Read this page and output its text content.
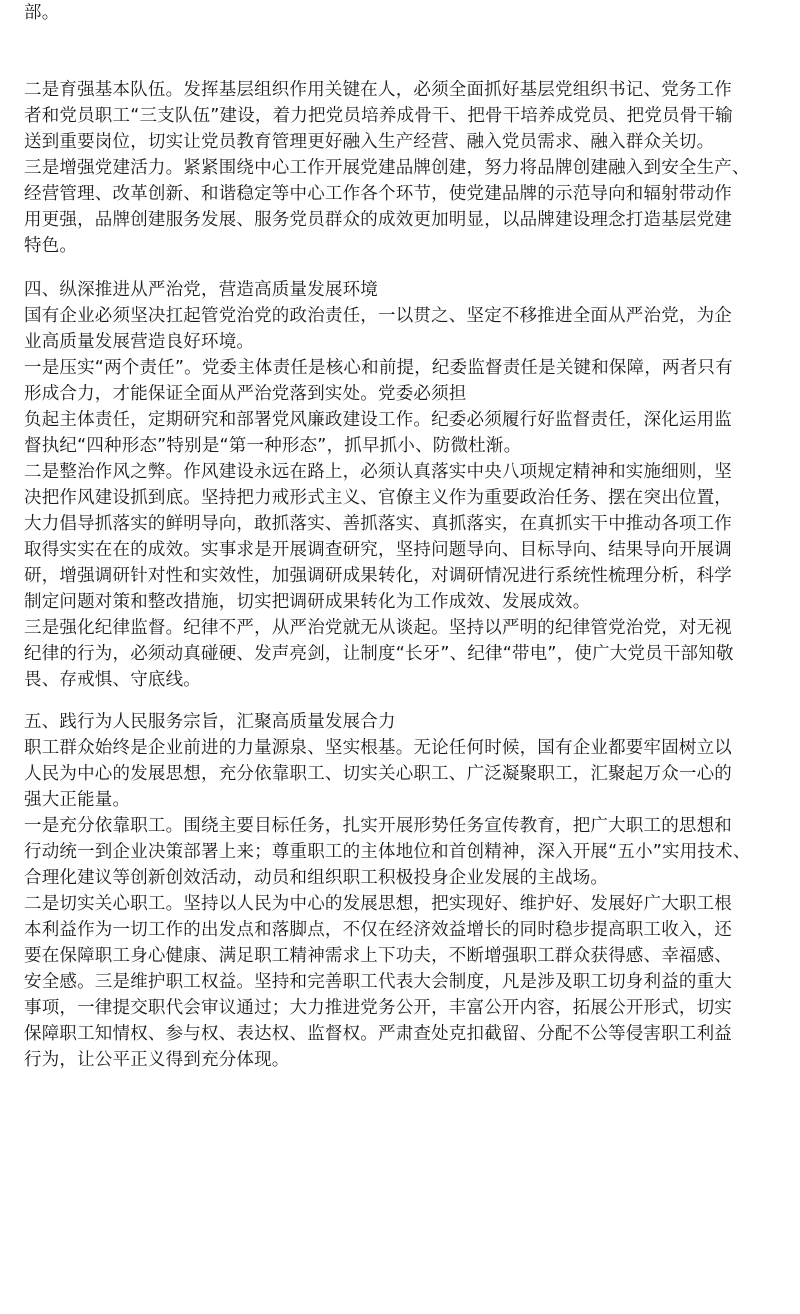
部。
二是育强基本队伍。发挥基层组织作用关键在人，必须全面抓好基层党组织书记、党务工作
者和党员职工“三支队伍”建设，着力把党员培养成骨干、把骨干培养成党员、把党员骨干输
送到重要岗位，切实让党员教育管理更好融入生产经营、融入党员需求、融入群众关切。
三是增强党建活力。紧紧围绕中心工作开展党建品牌创建，努力将品牌创建融入到安全生产、
经营管理、改革创新、和谐稳定等中心工作各个环节，使党建品牌的示范导向和辐射带动作
用更强，品牌创建服务发展、服务党员群众的成效更加明显，以品牌建设理念打造基层党建
特色。
四、纵深推进从严治党，营造高质量发展环境
国有企业必须坚决扛起管党治党的政治责任，一以贯之、坚定不移推进全面从严治党，为企
业高质量发展营造良好环境。
一是压实“两个责任”。党委主体责任是核心和前提，纪委监督责任是关键和保障，两者只有
形成合力，才能保证全面从严治党落到实处。党委必须担
负起主体责任，定期研究和部署党风廉政建设工作。纪委必须履行好监督责任，深化运用监
督执纪“四种形态”特别是“第一种形态”，抓早抓小、防微杜渐。
二是整治作风之弊。作风建设永远在路上，必须认真落实中央八项规定精神和实施细则，坚
决把作风建设抓到底。坚持把力戒形式主义、官僚主义作为重要政治任务、摆在突出位置，
大力倡导抓落实的鲜明导向，敢抓落实、善抓落实、真抓落实，在真抓实干中推动各项工作
取得实实在在的成效。实事求是开展调查研究，坚持问题导向、目标导向、结果导向开展调
研，增强调研针对性和实效性，加强调研成果转化，对调研情况进行系统性梳理分析，科学
制定问题对策和整改措施，切实把调研成果转化为工作成效、发展成效。
三是强化纪律监督。纪律不严，从严治党就无从谈起。坚持以严明的纪律管党治党，对无视
纪律的行为，必须动真碰硬、发声亮剑，让制度“长牙”、纪律“带电”，使广大党员干部知敬
畏、存戒惧、守底线。
五、践行为人民服务宗旨，汇聚高质量发展合力
职工群众始终是企业前进的力量源泉、坚实根基。无论任何时候，国有企业都要牢固树立以
人民为中心的发展思想，充分依靠职工、切实关心职工、广泛凝聚职工，汇聚起万众一心的
强大正能量。
一是充分依靠职工。围绕主要目标任务，扎实开展形势任务宣传教育，把广大职工的思想和
行动统一到企业决策部署上来；尊重职工的主体地位和首创精神，深入开展“五小”实用技术、
合理化建议等创新创效活动，动员和组织职工积极投身企业发展的主战场。
二是切实关心职工。坚持以人民为中心的发展思想，把实现好、维护好、发展好广大职工根
本利益作为一切工作的出发点和落脚点，不仅在经济效益增长的同时稳步提高职工收入，还
要在保障职工身心健康、满足职工精神需求上下功夫，不断增强职工群众获得感、幸福感、
安全感。三是维护职工权益。坚持和完善职工代表大会制度，凡是涉及职工切身利益的重大
事项，一律提交职代会审议通过；大力推进党务公开，丰富公开内容，拓展公开形式，切实
保障职工知情权、参与权、表达权、监督权。严肃查处克扣截留、分配不公等侵害职工利益
行为，让公平正义得到充分体现。
